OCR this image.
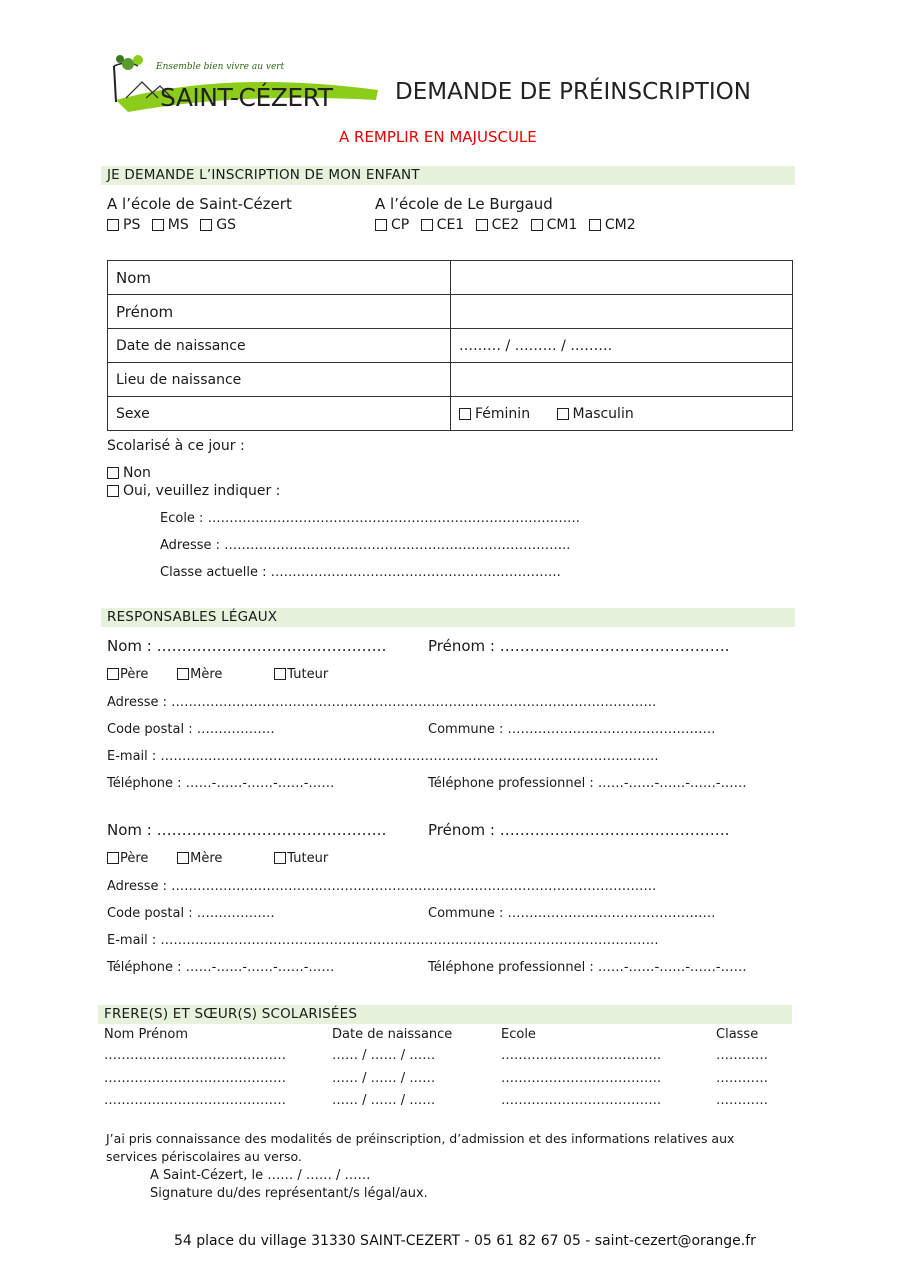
Ensemble bien vivre au vert
SAINT-CÉZERT	DEMANDE DE PRÉINSCRIPTION
A REMPLIR EN MAJUSCULE
JE DEMANDE L’INSCRIPTION DE MON ENFANT
A l’école de Saint-Cézert
PS MS GS
A l’école de Le Burgaud
CP CE1 CE2 CM1 CM2
Nom	
Prénom	
Date de naissance	……… / ……… / ………
Lieu de naissance	
Sexe	Féminin Masculin
Scolarisé à ce jour :
Non
Oui, veuillez indiquer :
Ecole : …………………………………………………………………….…….
Adresse : ……………………………………………………………………..
Classe actuelle : ………………………………………………………….
RESPONSABLES LÉGAUX
Nom : ……………………………………….	Prénom : ……………………………………….
Père	Mère	Tuteur
Adresse : ………………………………………………………………………………………………….
Code postal : ………………	Commune : …………………………………………
E-mail : …………………………………………………………………………………………………….
Téléphone : ……-……-……-……-……	Téléphone professionnel : ……-……-……-……-……
Nom : ……………………………………….	Prénom : ……………………………………….
Père	Mère	Tuteur
Adresse : ………………………………………………………………………………………………….
Code postal : ………………	Commune : …………………………………………
E-mail : …………………………………………………………………………………………………….
Téléphone : ……-……-……-……-……	Téléphone professionnel : ……-……-……-……-……
FRERE(S) ET SŒUR(S) SCOLARISÉES
Nom Prénom	Date de naissance	Ecole	Classe
……………………………………	…… / …… / ……	……………………………….	…………
……………………………………	…… / …… / ……	……………………………….	…………
……………………………………	…… / …… / ……	……………………………….	…………
J’ai pris connaissance des modalités de préinscription, d’admission et des informations relatives aux
services périscolaires au verso.
A Saint-Cézert, le …… / …… / ……
Signature du/des représentant/s légal/aux.
54 place du village 31330 SAINT-CEZERT - 05 61 82 67 05 - saint-cezert@orange.fr
